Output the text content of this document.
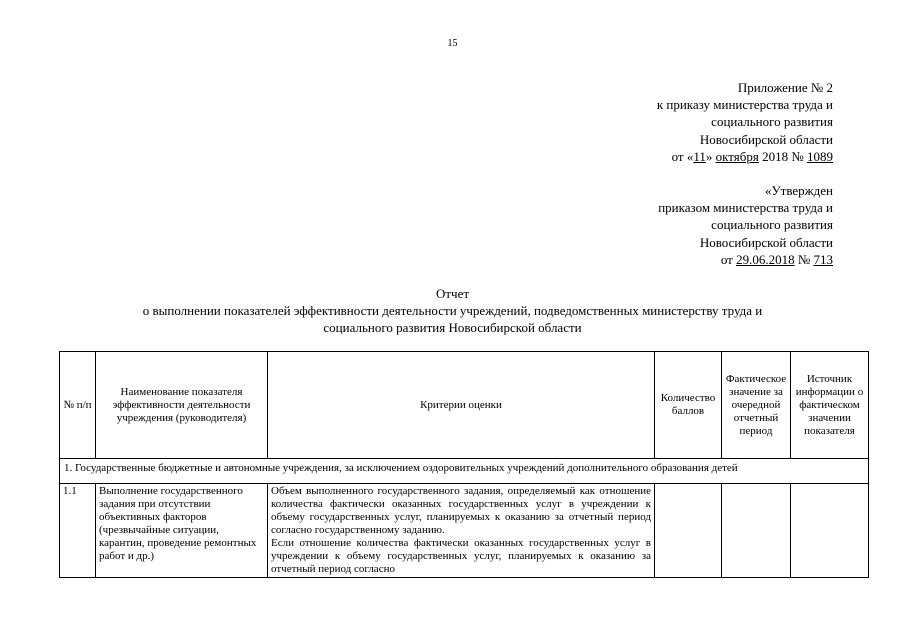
15
Приложение № 2
к приказу министерства труда и
социального развития
Новосибирской области
от «11» октября 2018 № 1089
«Утвержден
приказом министерства труда и
социального развития
Новосибирской области
от 29.06.2018 № 713
Отчет
о выполнении показателей эффективности деятельности учреждений, подведомственных министерству труда и
социального развития Новосибирской области
№ п/п	Наименование показателя эффективности деятельности учреждения (руководителя)	Критерии оценки	Количество баллов	Фактическое значение за очередной отчетный период	Источник информации о фактическом значении показателя
1. Государственные бюджетные и автономные учреждения, за исключением оздоровительных учреждений дополнительного образования детей					
1.1	Выполнение государственного задания при отсутствии объективных факторов (чрезвычайные ситуации, карантин, проведение ремонтных работ и др.)	Объем выполненного государственного задания, определяемый как отношение количества фактически оказанных государственных услуг в учреждении к объему государственных услуг, планируемых к оказанию за отчетный период согласно государственному заданию.

Если отношение количества фактически оказанных государственных услуг в учреждении к объему государственных услуг, планируемых к оказанию за отчетный период согласно			
